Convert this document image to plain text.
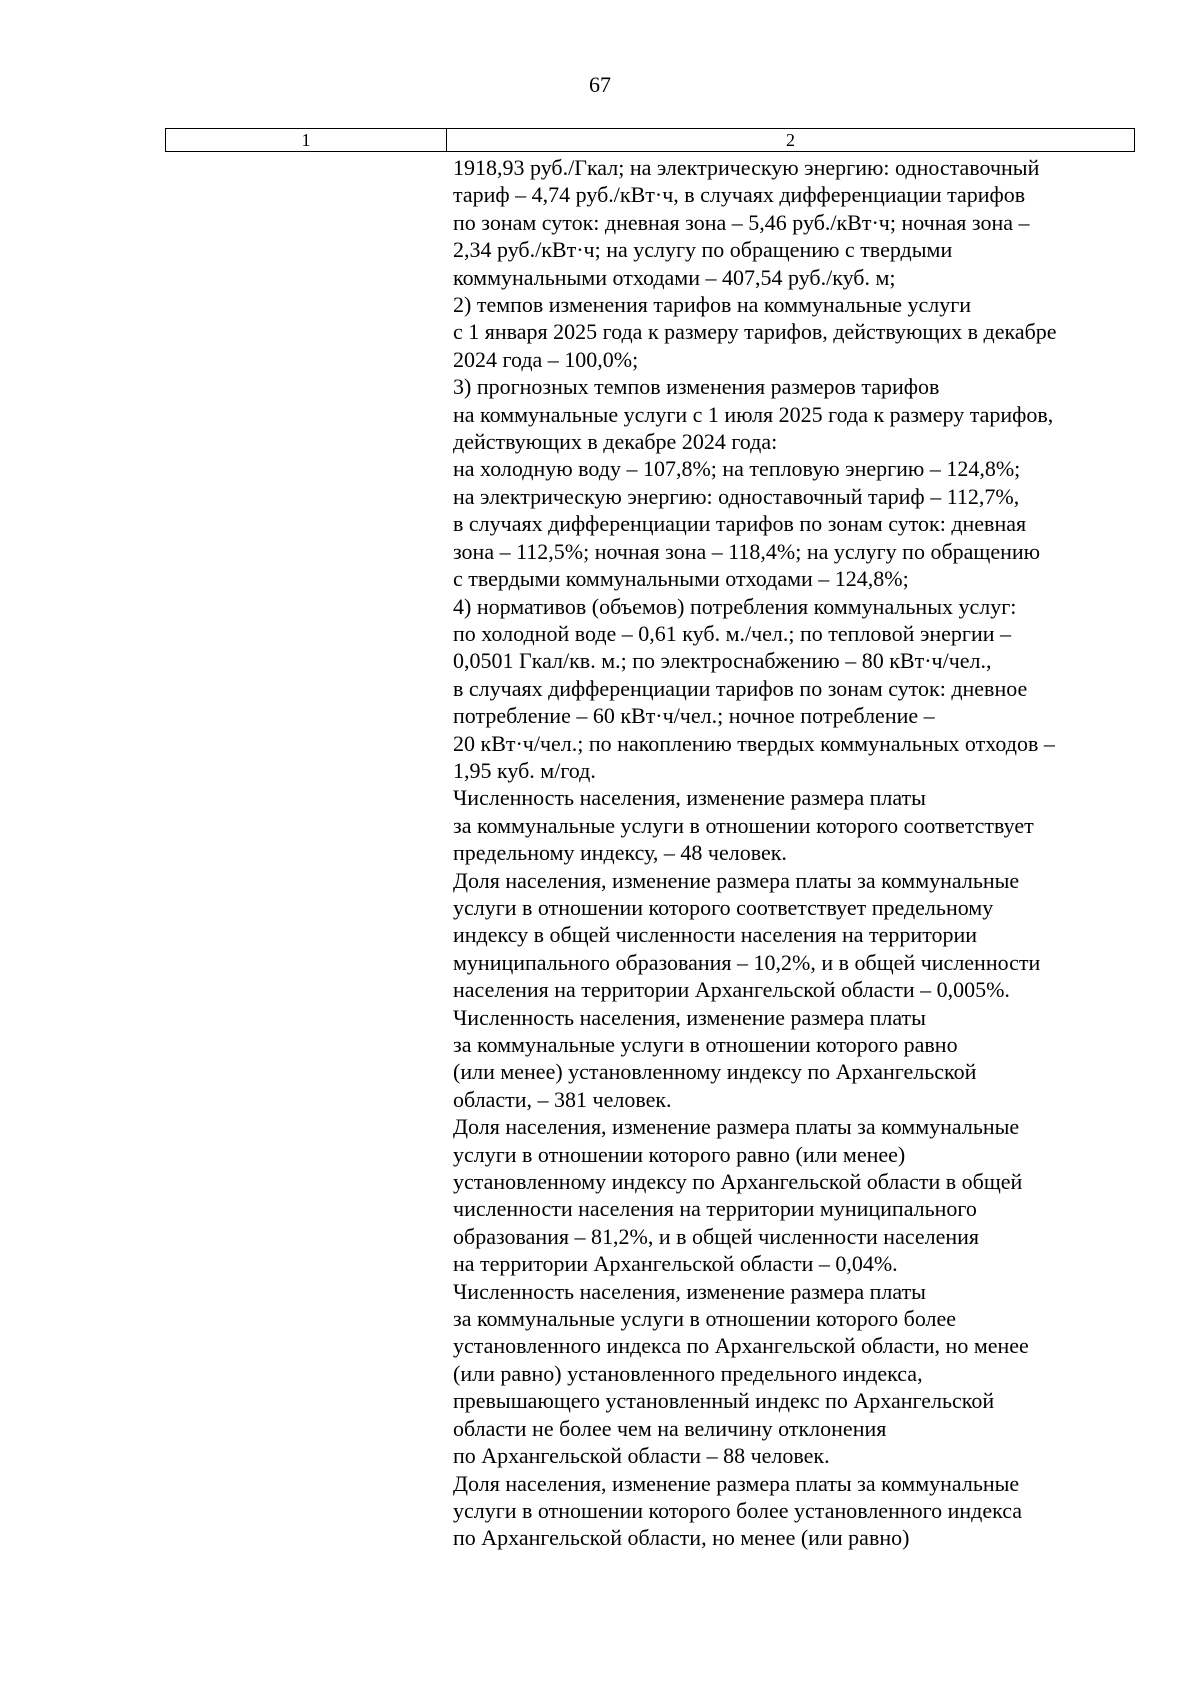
67
1	2
1918,93 руб./Гкал; на электрическую энергию: одноставочный
тариф – 4,74 руб./кВт·ч, в случаях дифференциации тарифов
по зонам суток: дневная зона – 5,46 руб./кВт·ч; ночная зона –
2,34 руб./кВт·ч; на услугу по обращению с твердыми
коммунальными отходами – 407,54 руб./куб. м;
2) темпов изменения тарифов на коммунальные услуги
с 1 января 2025 года к размеру тарифов, действующих в декабре
2024 года – 100,0%;
3) прогнозных темпов изменения размеров тарифов
на коммунальные услуги с 1 июля 2025 года к размеру тарифов,
действующих в декабре 2024 года:
на холодную воду – 107,8%; на тепловую энергию – 124,8%;
на электрическую энергию: одноставочный тариф – 112,7%,
в случаях дифференциации тарифов по зонам суток: дневная
зона – 112,5%; ночная зона – 118,4%; на услугу по обращению
с твердыми коммунальными отходами – 124,8%;
4) нормативов (объемов) потребления коммунальных услуг:
по холодной воде – 0,61 куб. м./чел.; по тепловой энергии –
0,0501 Гкал/кв. м.; по электроснабжению – 80 кВт·ч/чел.,
в случаях дифференциации тарифов по зонам суток: дневное
потребление – 60 кВт·ч/чел.; ночное потребление –
20 кВт·ч/чел.; по накоплению твердых коммунальных отходов –
1,95 куб. м/год.
Численность населения, изменение размера платы
за коммунальные услуги в отношении которого соответствует
предельному индексу, – 48 человек.
Доля населения, изменение размера платы за коммунальные
услуги в отношении которого соответствует предельному
индексу в общей численности населения на территории
муниципального образования – 10,2%, и в общей численности
населения на территории Архангельской области – 0,005%.
Численность населения, изменение размера платы
за коммунальные услуги в отношении которого равно
(или менее) установленному индексу по Архангельской
области, – 381 человек.
Доля населения, изменение размера платы за коммунальные
услуги в отношении которого равно (или менее)
установленному индексу по Архангельской области в общей
численности населения на территории муниципального
образования – 81,2%, и в общей численности населения
на территории Архангельской области – 0,04%.
Численность населения, изменение размера платы
за коммунальные услуги в отношении которого более
установленного индекса по Архангельской области, но менее
(или равно) установленного предельного индекса,
превышающего установленный индекс по Архангельской
области не более чем на величину отклонения
по Архангельской области – 88 человек.
Доля населения, изменение размера платы за коммунальные
услуги в отношении которого более установленного индекса
по Архангельской области, но менее (или равно)
